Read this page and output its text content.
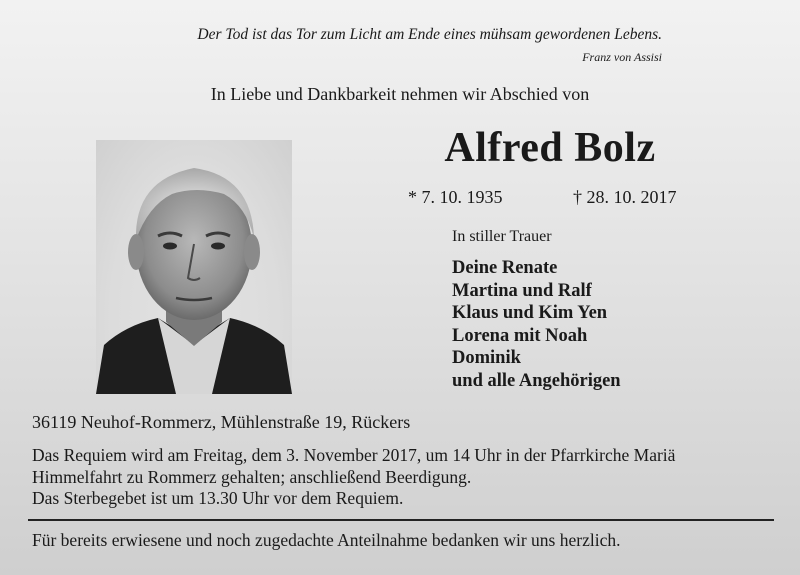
Der Tod ist das Tor zum Licht am Ende eines mühsam gewordenen Lebens.
Franz von Assisi
In Liebe und Dankbarkeit nehmen wir Abschied von
Alfred Bolz
* 7. 10. 1935	† 28. 10. 2017
In stiller Trauer
Deine Renate
Martina und Ralf
Klaus und Kim Yen
Lorena mit Noah
Dominik
und alle Angehörigen
36119 Neuhof-Rommerz, Mühlenstraße 19, Rückers
Das Requiem wird am Freitag, dem 3. November 2017, um 14 Uhr in der Pfarrkirche Mariä
Himmelfahrt zu Rommerz gehalten; anschließend Beerdigung.
Das Sterbegebet ist um 13.30 Uhr vor dem Requiem.
Für bereits erwiesene und noch zugedachte Anteilnahme bedanken wir uns herzlich.
